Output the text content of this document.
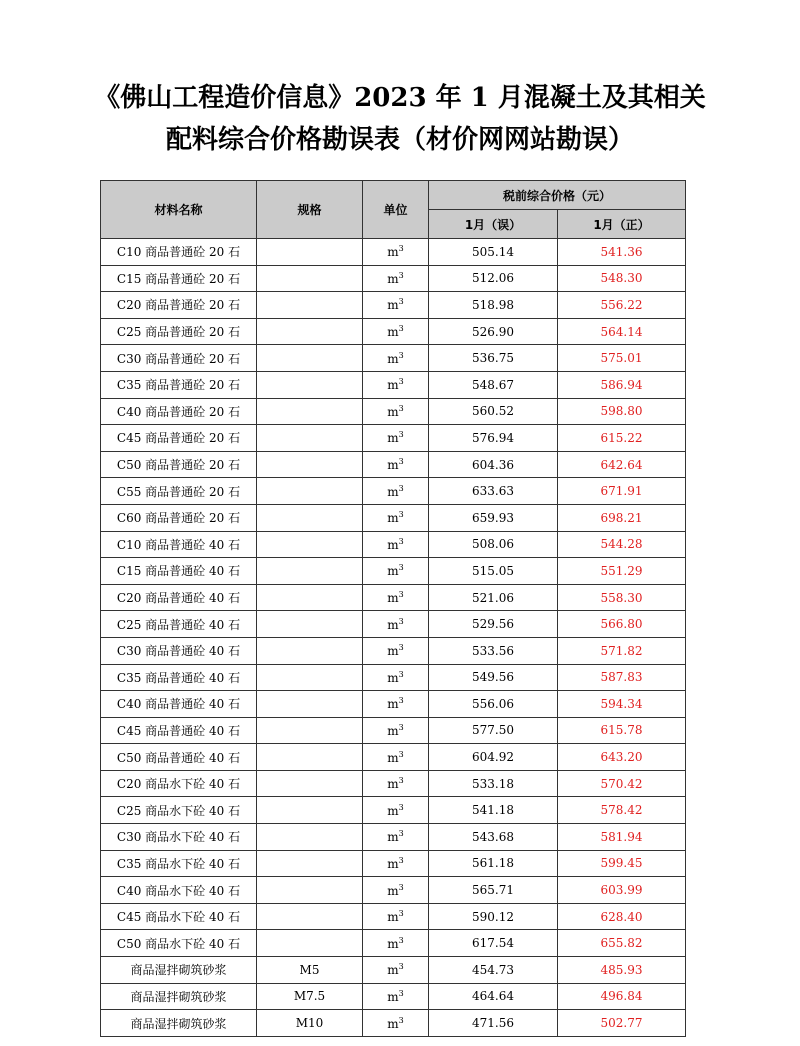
《佛山工程造价信息》2023 年 1 月混凝土及其相关
配料综合价格勘误表（材价网网站勘误）
材料名称	规格	单位	税前综合价格（元）	
			1月（误）	1月（正）
C10 商品普通砼 20 石		$m^3$	505.14	541.36
C15 商品普通砼 20 石		$m^3$	512.06	548.30
C20 商品普通砼 20 石		$m^3$	518.98	556.22
C25 商品普通砼 20 石		$m^3$	526.90	564.14
C30 商品普通砼 20 石		$m^3$	536.75	575.01
C35 商品普通砼 20 石		$m^3$	548.67	586.94
C40 商品普通砼 20 石		$m^3$	560.52	598.80
C45 商品普通砼 20 石		$m^3$	576.94	615.22
C50 商品普通砼 20 石		$m^3$	604.36	642.64
C55 商品普通砼 20 石		$m^3$	633.63	671.91
C60 商品普通砼 20 石		$m^3$	659.93	698.21
C10 商品普通砼 40 石		$m^3$	508.06	544.28
C15 商品普通砼 40 石		$m^3$	515.05	551.29
C20 商品普通砼 40 石		$m^3$	521.06	558.30
C25 商品普通砼 40 石		$m^3$	529.56	566.80
C30 商品普通砼 40 石		$m^3$	533.56	571.82
C35 商品普通砼 40 石		$m^3$	549.56	587.83
C40 商品普通砼 40 石		$m^3$	556.06	594.34
C45 商品普通砼 40 石		$m^3$	577.50	615.78
C50 商品普通砼 40 石		$m^3$	604.92	643.20
C20 商品水下砼 40 石		$m^3$	533.18	570.42
C25 商品水下砼 40 石		$m^3$	541.18	578.42
C30 商品水下砼 40 石		$m^3$	543.68	581.94
C35 商品水下砼 40 石		$m^3$	561.18	599.45
C40 商品水下砼 40 石		$m^3$	565.71	603.99
C45 商品水下砼 40 石		$m^3$	590.12	628.40
C50 商品水下砼 40 石		$m^3$	617.54	655.82
商品湿拌砌筑砂浆	M5	$m^3$	454.73	485.93
商品湿拌砌筑砂浆	M7.5	$m^3$	464.64	496.84
商品湿拌砌筑砂浆	M10	$m^3$	471.56	502.77
